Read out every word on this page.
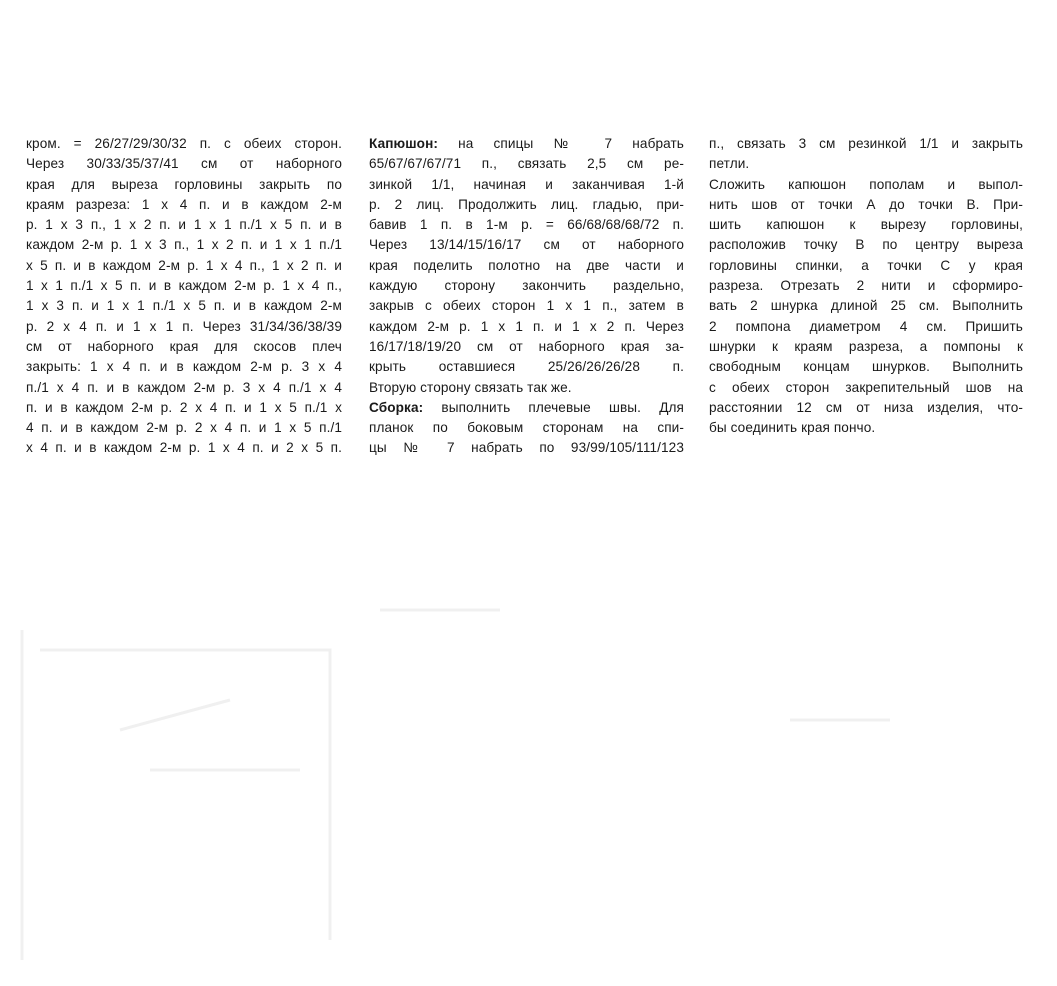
кром. = 26/27/29/30/32 п. с обеих сторон.
Через 30/33/35/37/41 см от наборного
края для выреза горловины закрыть по
краям разреза: 1 х 4 п. и в каждом 2-м
р. 1 х 3 п., 1 х 2 п. и 1 х 1 п./1 х 5 п. и в
каждом 2-м р. 1 х 3 п., 1 х 2 п. и 1 х 1 п./1
х 5 п. и в каждом 2-м р. 1 х 4 п., 1 х 2 п. и
1 х 1 п./1 х 5 п. и в каждом 2-м р. 1 х 4 п.,
1 х 3 п. и 1 х 1 п./1 х 5 п. и в каждом 2-м
р. 2 х 4 п. и 1 х 1 п. Через 31/34/36/38/39
см от наборного края для скосов плеч
закрыть: 1 х 4 п. и в каждом 2-м р. 3 х 4
п./1 х 4 п. и в каждом 2-м р. 3 х 4 п./1 х 4
п. и в каждом 2-м р. 2 х 4 п. и 1 х 5 п./1 х
4 п. и в каждом 2-м р. 2 х 4 п. и 1 х 5 п./1
х 4 п. и в каждом 2-м р. 1 х 4 п. и 2 х 5 п.
Капюшон: на спицы № 7 набрать
65/67/67/67/71 п., связать 2,5 см ре-
зинкой 1/1, начиная и заканчивая 1-й
р. 2 лиц. Продолжить лиц. гладью, при-
бавив 1 п. в 1-м р. = 66/68/68/68/72 п.
Через 13/14/15/16/17 см от наборного
края поделить полотно на две части и
каждую сторону закончить раздельно,
закрыв с обеих сторон 1 х 1 п., затем в
каждом 2-м р. 1 х 1 п. и 1 х 2 п. Через
16/17/18/19/20 см от наборного края за-
крыть оставшиеся 25/26/26/26/28 п.
Вторую сторону связать так же.
Сборка: выполнить плечевые швы. Для
планок по боковым сторонам на спи-
цы № 7 набрать по 93/99/105/111/123
п., связать 3 см резинкой 1/1 и закрыть
петли.
Сложить капюшон пополам и выпол-
нить шов от точки А до точки В. При-
шить капюшон к вырезу горловины,
расположив точку В по центру выреза
горловины спинки, а точки С у края
разреза. Отрезать 2 нити и сформиро-
вать 2 шнурка длиной 25 см. Выполнить
2 помпона диаметром 4 см. Пришить
шнурки к краям разреза, а помпоны к
свободным концам шнурков. Выполнить
с обеих сторон закрепительный шов на
расстоянии 12 см от низа изделия, что-
бы соединить края пончо.
